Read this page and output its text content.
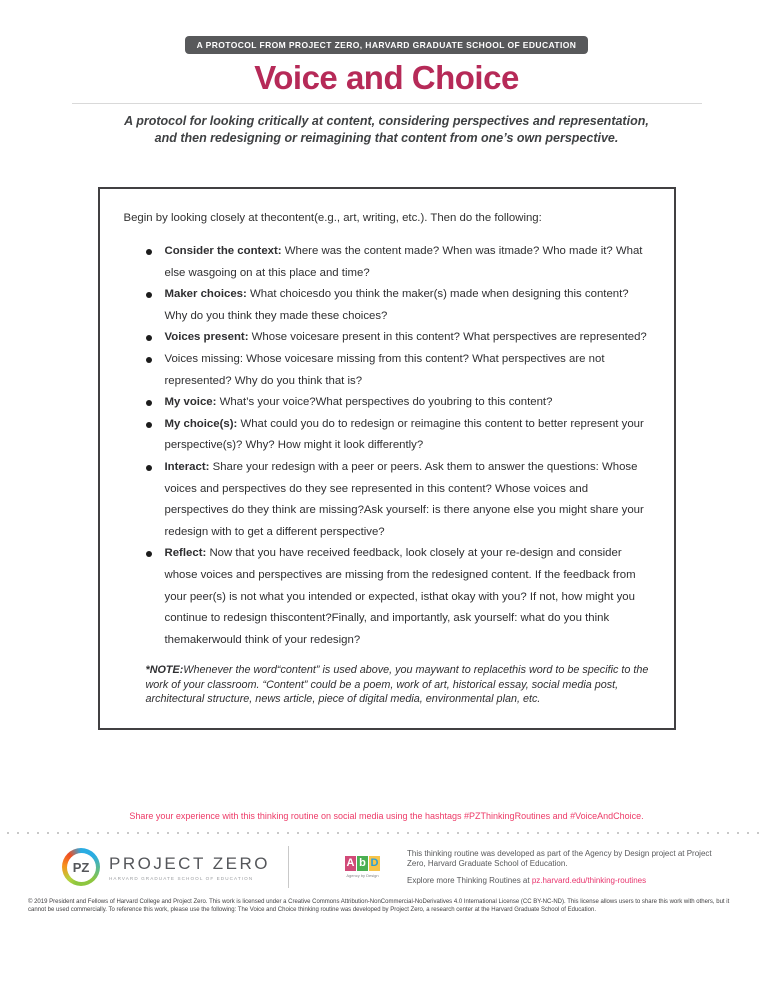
A PROTOCOL FROM PROJECT ZERO, HARVARD GRADUATE SCHOOL OF EDUCATION
Voice and Choice
A protocol for looking critically at content, considering perspectives and representation,
and then redesigning or reimagining that content from one’s own perspective.

Begin by looking closely at thecontent(e.g., art, writing, etc.). Then do the following:

Consider the context: Where was the content made? When was itmade? Who made it? What else wasgoing on at this place and time?

Maker choices: What choicesdo you think the maker(s) made when designing this content? Why do you think they made these choices?

Voices present: Whose voicesare present in this content? What perspectives are represented?

Voices missing: Whose voicesare missing from this content? What perspectives are not represented? Why do you think that is?

My voice: What’s your voice?What perspectives do youbring to this content?

My choice(s): What could you do to redesign or reimagine this content to better represent your perspective(s)? Why? How might it look differently?

Interact: Share your redesign with a peer or peers. Ask them to answer the questions: Whose voices and perspectives do they see represented in this content? Whose voices and perspectives do they think are missing?Ask yourself: is there anyone else you might share your redesign with to get a different perspective?

Reflect: Now that you have received feedback, look closely at your re-design and consider whose voices and perspectives are missing from the redesigned content. If the feedback from your peer(s) is not what you intended or expected, isthat okay with you? If not, how might you continue to redesign thiscontent?Finally, and importantly, ask yourself: what do you think themakerwould think of your redesign?

*NOTE:Whenever the word“content” is used above, you maywant to replacethis word to be specific to the work of your classroom. “Content” could be a poem, work of art, historical essay, social media post, architectural structure, news article, piece of digital media, environmental plan, etc.

Share your experience with this thinking routine on social media using the hashtags #PZThinkingRoutines and #VoiceAndChoice.
PZ	PROJECT ZERO
HARVARD GRADUATE SCHOOL OF EDUCATION
A b D
Agency by Design
This thinking routine was developed as part of the Agency by Design project at Project Zero, Harvard Graduate School of Education.
Explore more Thinking Routines at pz.harvard.edu/thinking-routines
© 2019 President and Fellows of Harvard College and Project Zero. This work is licensed under a Creative Commons Attribution-NonCommercial-NoDerivatives 4.0 International License (CC BY-NC-ND). This license allows users to share this work with others, but it cannot be used commercially. To reference this work, please use the following: The Voice and Choice thinking routine was developed by Project Zero, a research center at the Harvard Graduate School of Education.
